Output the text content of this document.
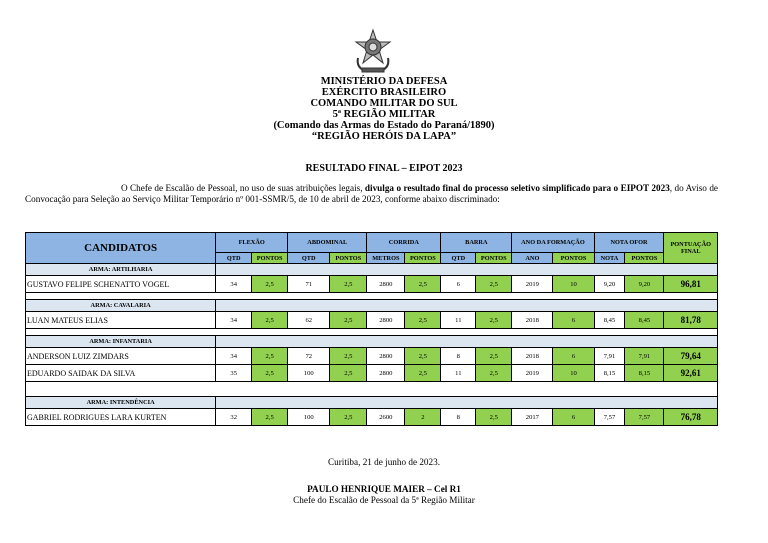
MINISTÉRIO DA DEFESA
EXÉRCITO BRASILEIRO
COMANDO MILITAR DO SUL
5ª REGIÃO MILITAR
(Comando das Armas do Estado do Paraná/1890)
“REGIÃO HERÓIS DA LAPA”
RESULTADO FINAL – EIPOT 2023

O Chefe de Escalão de Pessoal, no uso de suas atribuições legais, divulga o resultado final do processo seletivo simplificado para o EIPOT 2023, do Aviso de Convocação para Seleção ao Serviço Militar Temporário nº 001-SSMR/5, de 10 de abril de 2023, conforme abaixo discriminado:

CANDIDATOS	FLEXÃO		ABDOMINAL		CORRIDA		BARRA		ANO DA FORMAÇÃO		NOTA OFOR		PONTUAÇÃO FINAL
	QTD	PONTOS	QTD	PONTOS	METROS	PONTOS	QTD	PONTOS	ANO	PONTOS	NOTA	PONTOS	
ARMA: ARTILHARIA													
GUSTAVO FELIPE SCHENATTO VOGEL	34	2,5	71	2,5	2800	2,5	6	2,5	2019	10	9,20	9,20	96,81

ARMA: CAVALARIA													
LUAN MATEUS ELIAS	34	2,5	62	2,5	2800	2,5	11	2,5	2018	6	8,45	8,45	81,78

ARMA: INFANTARIA													
ANDERSON LUIZ ZIMDARS	34	2,5	72	2,5	2800	2,5	8	2,5	2018	6	7,91	7,91	79,64
EDUARDO SAIDAK DA SILVA	35	2,5	100	2,5	2800	2,5	11	2,5	2019	10	8,15	8,15	92,61

ARMA: INTENDÊNCIA													
GABRIEL RODRIGUES LARA KURTEN	32	2,5	100	2,5	2600	2	8	2,5	2017	6	7,57	7,57	76,78
Curitiba, 21 de junho de 2023.
PAULO HENRIQUE MAIER – Cel R1
Chefe do Escalão de Pessoal da 5ª Região Militar
